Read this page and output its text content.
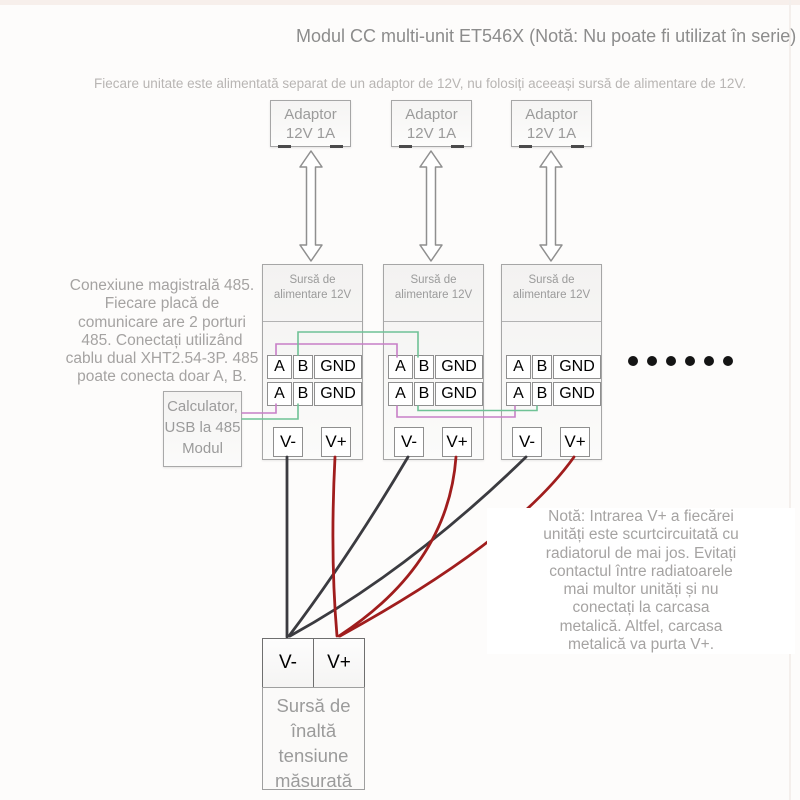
Modul CC multi-unit ET546X (Notă: Nu poate fi utilizat în serie)
Fiecare unitate este alimentată separat de un adaptor de 12V, nu folosiți aceeași sursă de alimentare de 12V.
Adaptor
12V 1A
Adaptor
12V 1A
Adaptor
12V 1A
Sursă de
alimentare 12V
A B GND
A B GND
V-	V+
Sursă de
alimentare 12V
A B GND
A B GND
V-	V+
Sursă de
alimentare 12V
A B GND
A B GND
V-	V+
Conexiune magistrală 485.
Fiecare placă de
comunicare are 2 porturi
485. Conectați utilizând
cablu dual XHT2.54-3P. 485
poate conecta doar A, B.
Calculator,
USB la 485
Modul
Notă: Intrarea V+ a fiecărei
unități este scurtcircuitată cu
radiatorul de mai jos. Evitați
contactul între radiatoarele
mai multor unități și nu
conectați la carcasa
metalică. Altfel, carcasa
metalică va purta V+.
V-	V+
Sursă de
înaltă
tensiune
măsurată
